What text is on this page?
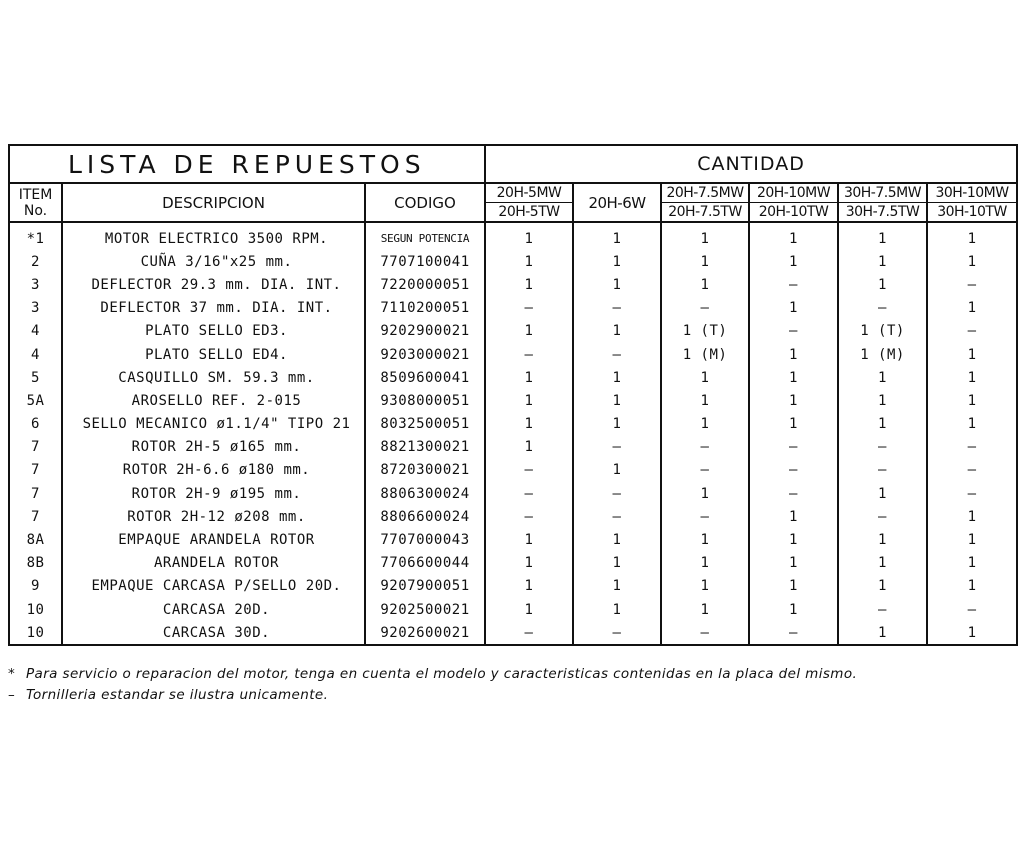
LISTA DE REPUESTOS			CANTIDAD					
ITEM No.	DESCRIPCION	CODIGO	20H-5MW	20H-6W	20H-7.5MW	20H-10MW	30H-7.5MW	30H-10MW
			20H-5TW		20H-7.5TW	20H-10TW	30H-7.5TW	30H-10TW
*1	MOTOR ELECTRICO 3500 RPM.	SEGUN POTENCIA	1	1	1	1	1	1
2	CUÑA 3/16"x25 mm.	7707100041	1	1	1	1	1	1
3	DEFLECTOR 29.3 mm. DIA. INT.	7220000051	1	1	1	–	1	–
3	DEFLECTOR 37 mm. DIA. INT.	7110200051	–	–	–	1	–	1
4	PLATO SELLO ED3.	9202900021	1	1	1 (T)	–	1 (T)	–
4	PLATO SELLO ED4.	9203000021	–	–	1 (M)	1	1 (M)	1
5	CASQUILLO SM. 59.3 mm.	8509600041	1	1	1	1	1	1
5A	AROSELLO REF. 2-015	9308000051	1	1	1	1	1	1
6	SELLO MECANICO ø1.1/4" TIPO 21	8032500051	1	1	1	1	1	1
7	ROTOR 2H-5 ø165 mm.	8821300021	1	–	–	–	–	–
7	ROTOR 2H-6.6 ø180 mm.	8720300021	–	1	–	–	–	–
7	ROTOR 2H-9 ø195 mm.	8806300024	–	–	1	–	1	–
7	ROTOR 2H-12 ø208 mm.	8806600024	–	–	–	1	–	1
8A	EMPAQUE ARANDELA ROTOR	7707000043	1	1	1	1	1	1
8B	ARANDELA ROTOR	7706600044	1	1	1	1	1	1
9	EMPAQUE CARCASA P/SELLO 20D.	9207900051	1	1	1	1	1	1
10	CARCASA 20D.	9202500021	1	1	1	1	–	–
10	CARCASA 30D.	9202600021	–	–	–	–	1	1
* Para servicio o reparacion del motor, tenga en cuenta el modelo y caracteristicas contenidas en la placa del mismo.
– Tornilleria estandar se ilustra unicamente.
